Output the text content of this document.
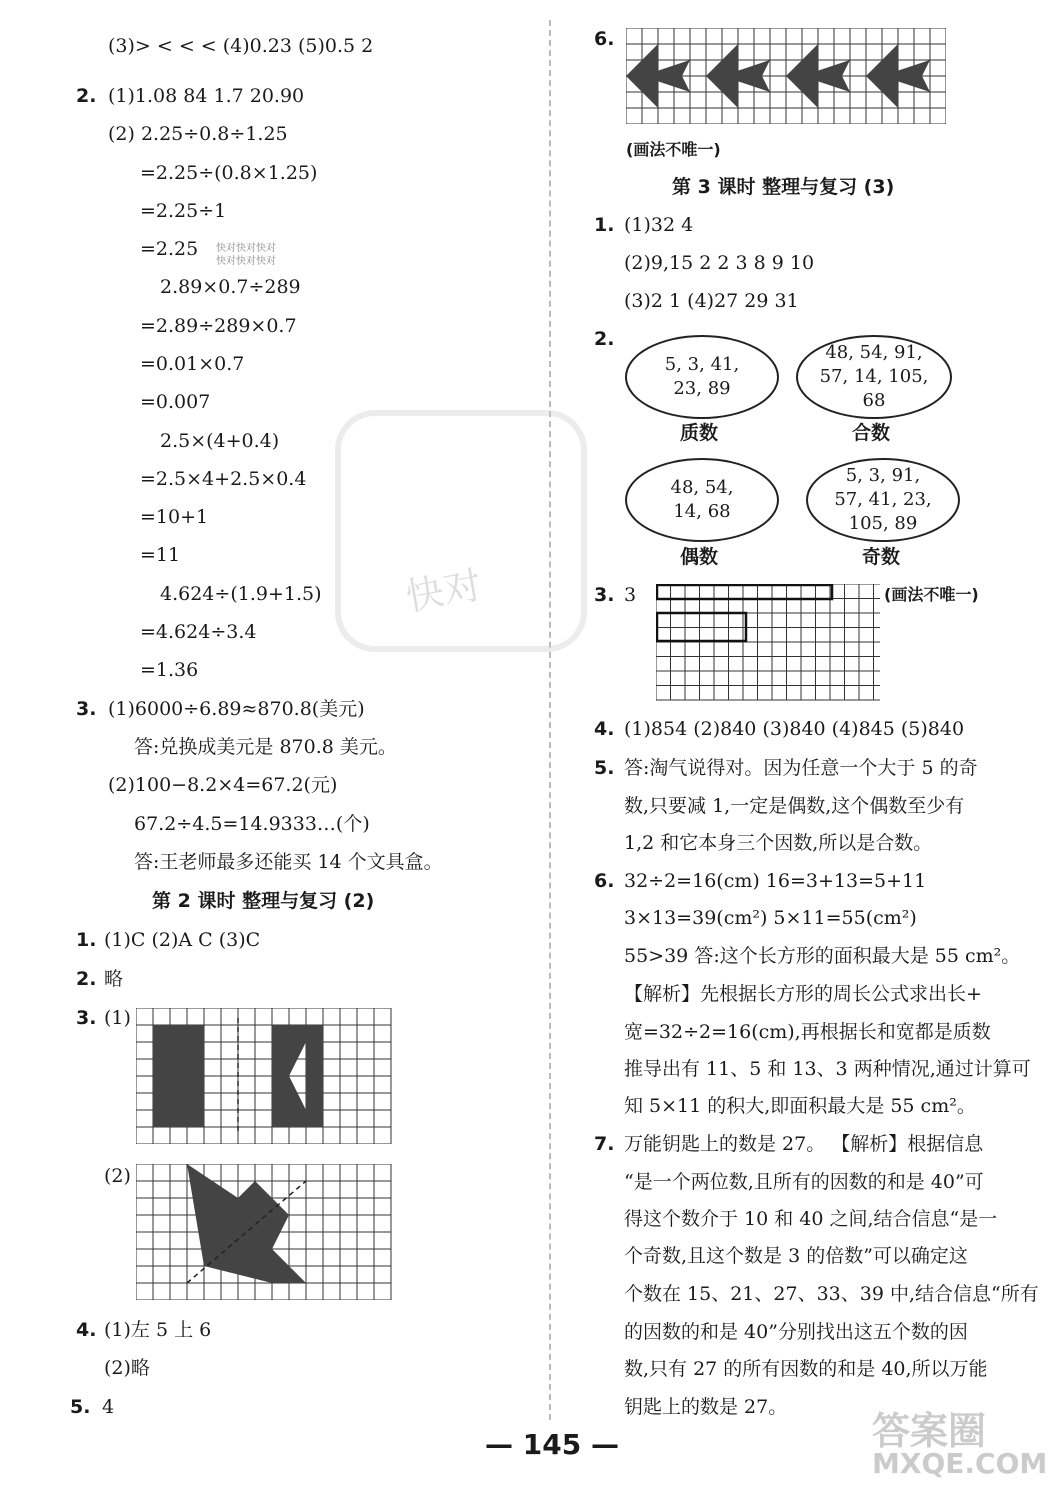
(3)> < < < (4)0.23 (5)0.5 2
2. (1)1.08 84 1.7 20.90
(2) 2.25÷0.8÷1.25
=2.25÷(0.8×1.25)
=2.25÷1
=2.25 快对快对快对
快对快对快对
2.89×0.7÷289
=2.89÷289×0.7
=0.01×0.7
=0.007
2.5×(4+0.4)
=2.5×4+2.5×0.4
=10+1
=11
4.624÷(1.9+1.5)
=4.624÷3.4
=1.36
3. (1)6000÷6.89≈870.8(美元)
答:兑换成美元是 870.8 美元。
(2)100−8.2×4=67.2(元)
67.2÷4.5=14.9333…(个)
答:王老师最多还能买 14 个文具盒。
第 2 课时 整理与复习 (2)
1. (1)C (2)A C (3)C
2. 略
3. (1)
(2)
4. (1)左 5 上 6
(2)略
5. 4
快对
6.
(画法不唯一)
第 3 课时 整理与复习 (3)
1. (1)32 4
(2)9,15 2 2 3 8 9 10
(3)2 1 (4)27 29 31
2.
5, 3, 41,
23, 89
48, 54, 91,
57, 14, 105,
68
质数	合数
48, 54,
14, 68
5, 3, 91,
57, 41, 23,
105, 89
偶数	奇数
3. 3	(画法不唯一)
4. (1)854 (2)840 (3)840 (4)845 (5)840
5. 答:淘气说得对。因为任意一个大于 5 的奇
数,只要减 1,一定是偶数,这个偶数至少有
1,2 和它本身三个因数,所以是合数。
6. 32÷2=16(cm) 16=3+13=5+11
3×13=39(cm²) 5×11=55(cm²)
55>39 答:这个长方形的面积最大是 55 cm²。
【解析】先根据长方形的周长公式求出长+
宽=32÷2=16(cm),再根据长和宽都是质数
推导出有 11、5 和 13、3 两种情况,通过计算可
知 5×11 的积大,即面积最大是 55 cm²。
7. 万能钥匙上的数是 27。 【解析】根据信息
“是一个两位数,且所有的因数的和是 40”可
得这个数介于 10 和 40 之间,结合信息“是一
个奇数,且这个数是 3 的倍数”可以确定这
个数在 15、21、27、33、39 中,结合信息“所有
的因数的和是 40”分别找出这五个数的因
数,只有 27 的所有因数的和是 40,所以万能
钥匙上的数是 27。
— 145 —	答案圈
MXQE.COM
